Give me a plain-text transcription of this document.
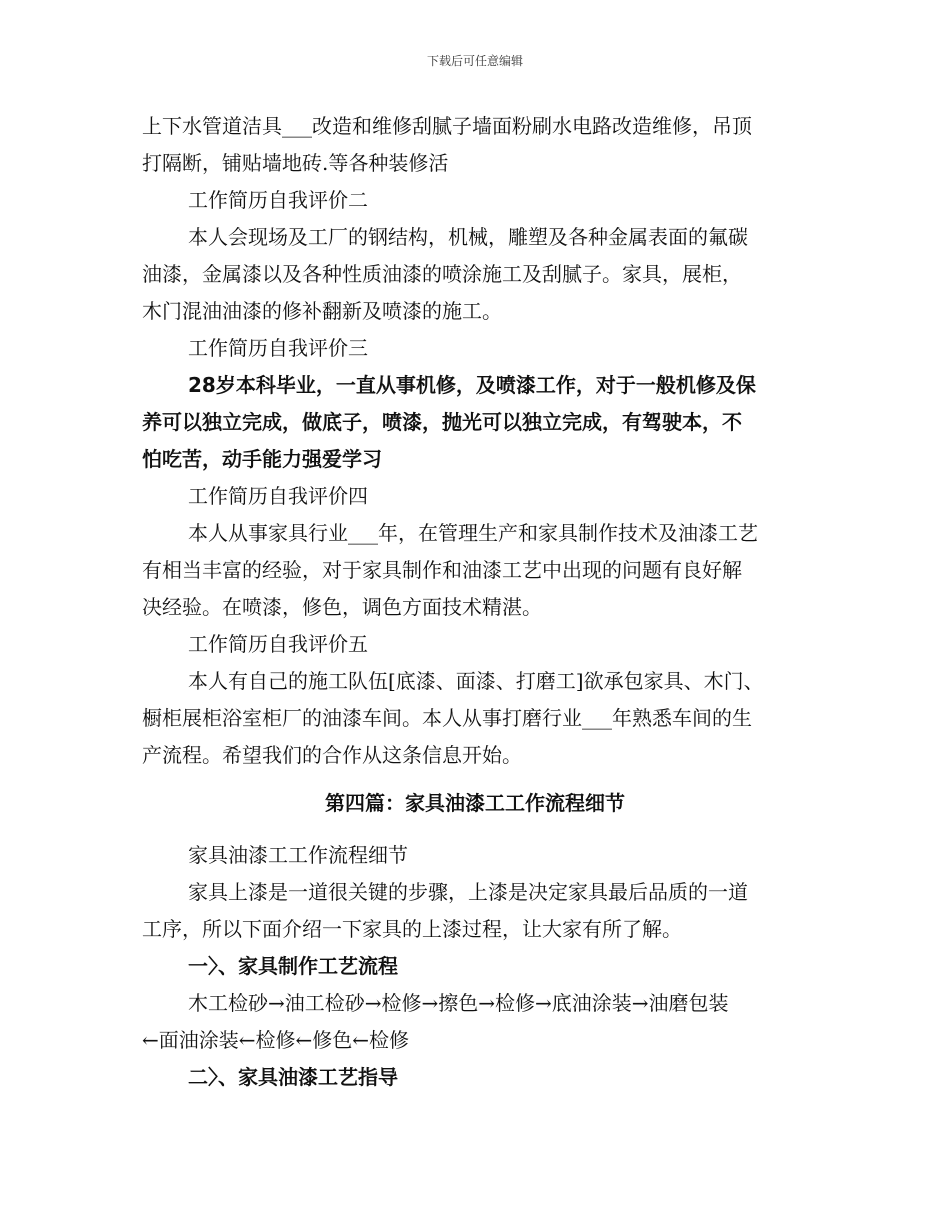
下载后可任意编辑
上下水管道洁具___改造和维修刮腻子墙面粉刷水电路改造维修，吊顶
打隔断，铺贴墙地砖.等各种装修活
工作简历自我评价二
本人会现场及工厂的钢结构，机械，雕塑及各种金属表面的氟碳
油漆，金属漆以及各种性质油漆的喷涂施工及刮腻子。家具，展柜，
木门混油油漆的修补翻新及喷漆的施工。
工作简历自我评价三
28岁本科毕业，一直从事机修，及喷漆工作，对于一般机修及保
养可以独立完成，做底子，喷漆，抛光可以独立完成，有驾驶本，不
怕吃苦，动手能力强爱学习
工作简历自我评价四
本人从事家具行业___年，在管理生产和家具制作技术及油漆工艺
有相当丰富的经验，对于家具制作和油漆工艺中出现的问题有良好解
决经验。在喷漆，修色，调色方面技术精湛。
工作简历自我评价五
本人有自己的施工队伍[底漆、面漆、打磨工]欲承包家具、木门、
橱柜展柜浴室柜厂的油漆车间。本人从事打磨行业___年熟悉车间的生
产流程。希望我们的合作从这条信息开始。
第四篇：家具油漆工工作流程细节
家具油漆工工作流程细节
家具上漆是一道很关键的步骤，上漆是决定家具最后品质的一道
工序，所以下面介绍一下家具的上漆过程，让大家有所了解。
一〉、家具制作工艺流程
木工检砂→油工检砂→检修→擦色→检修→底油涂装→油磨包装
←面油涂装←检修←修色←检修
二〉、家具油漆工艺指导
